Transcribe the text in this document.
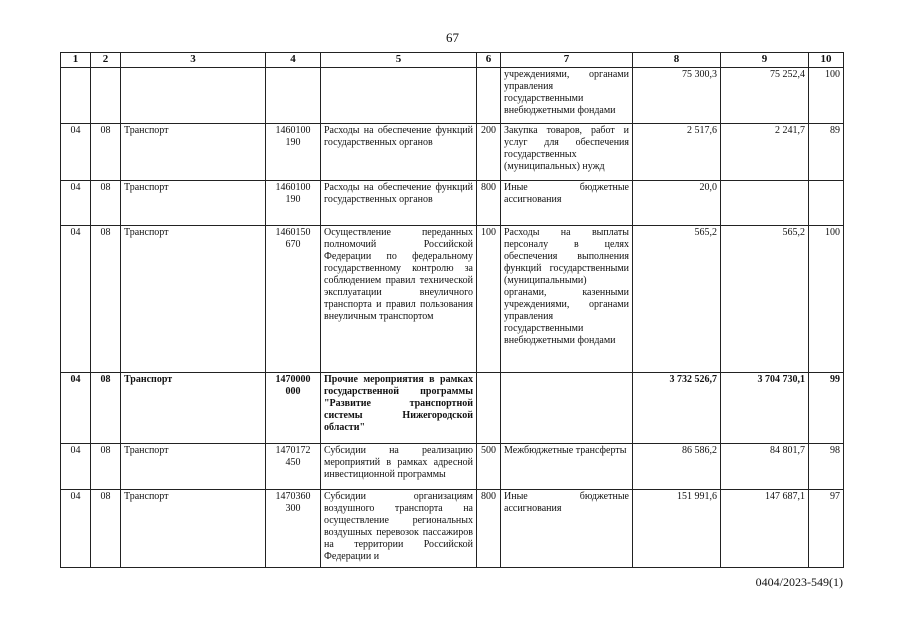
67
1	2	3	4	5	6	7	8	9	10
						учреждениями, органами управления государственными внебюджетными фондами	75 300,3	75 252,4	100
04	08	Транспорт	1460100 190	Расходы на обеспечение функций государственных органов	200	Закупка товаров, работ и услуг для обеспечения государственных (муниципальных) нужд	2 517,6	2 241,7	89
04	08	Транспорт	1460100 190	Расходы на обеспечение функций государственных органов	800	Иные бюджетные ассигнования	20,0		
04	08	Транспорт	1460150 670	Осуществление переданных полномочий Российской Федерации по федеральному государственному контролю за соблюдением правил технической эксплуатации внеуличного транспорта и правил пользования внеуличным транспортом	100	Расходы на выплаты персоналу в целях обеспечения выполнения функций государственными (муниципальными) органами, казенными учреждениями, органами управления государственными внебюджетными фондами	565,2	565,2	100
04	08	Транспорт	1470000 000	Прочие мероприятия в рамках государственной программы "Развитие транспортной системы Нижегородской области"			3 732 526,7	3 704 730,1	99
04	08	Транспорт	1470172 450	Субсидии на реализацию мероприятий в рамках адресной инвестиционной программы	500	Межбюджетные трансферты	86 586,2	84 801,7	98
04	08	Транспорт	1470360 300	Субсидии организациям воздушного транспорта на осуществление региональных воздушных перевозок пассажиров на территории Российской Федерации и	800	Иные бюджетные ассигнования	151 991,6	147 687,1	97
0404/2023-549(1)
